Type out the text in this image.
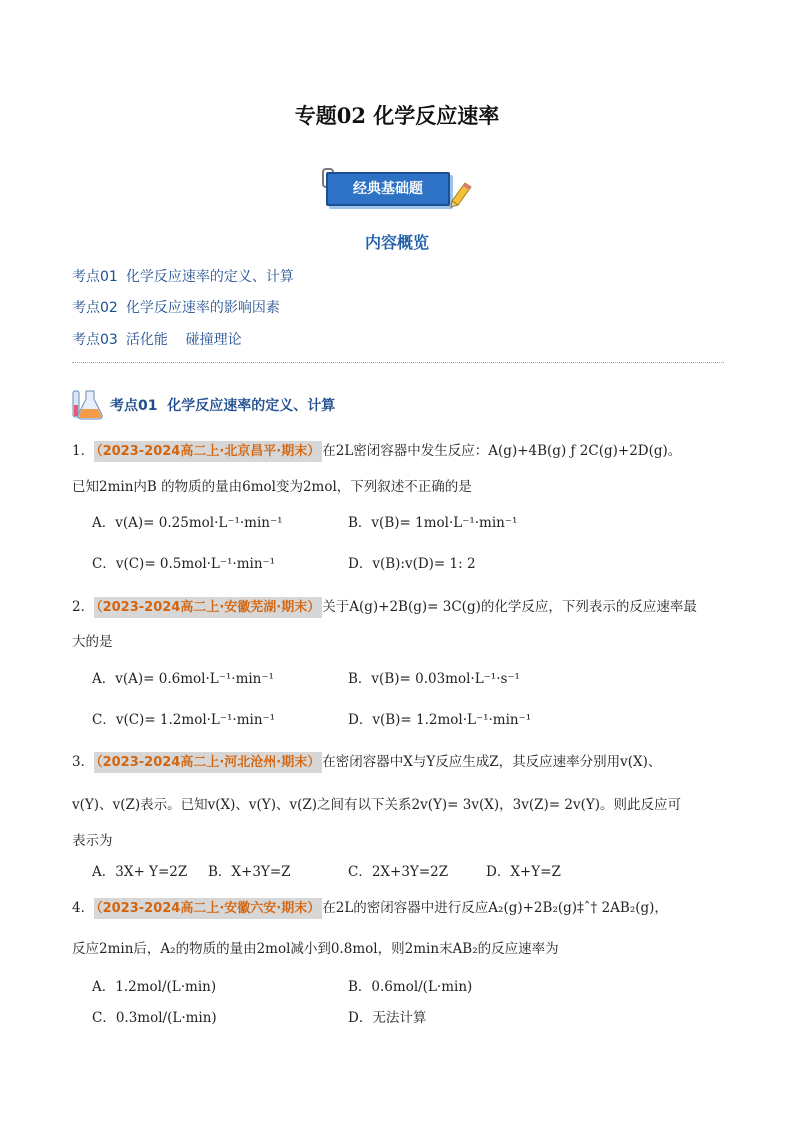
专题02 化学反应速率
经典基础题
内容概览
考点01 化学反应速率的定义、计算
考点02 化学反应速率的影响因素
考点03 活化能    碰撞理论
考点01 化学反应速率的定义、计算
1． （2023-2024高二上·北京昌平·期末） 在2L密闭容器中发生反应：A(g)+4B(g) ƒ 2C(g)+2D(g)。
已知2min内B 的物质的量由6mol变为2mol，下列叙述不正确的是
A．v(A)= 0.25mol·L⁻¹·min⁻¹	B．v(B)= 1mol·L⁻¹·min⁻¹
C．v(C)= 0.5mol·L⁻¹·min⁻¹	D．v(B):v(D)= 1: 2
2． （2023-2024高二上·安徽芜湖·期末） 关于A(g)+2B(g)= 3C(g)的化学反应，下列表示的反应速率最
大的是
A．v(A)= 0.6mol·L⁻¹·min⁻¹	B．v(B)= 0.03mol·L⁻¹·s⁻¹
C．v(C)= 1.2mol·L⁻¹·min⁻¹	D．v(B)= 1.2mol·L⁻¹·min⁻¹
3． （2023-2024高二上·河北沧州·期末） 在密闭容器中X与Y反应生成Z，其反应速率分别用v(X)、
v(Y)、v(Z)表示。已知v(X)、v(Y)、v(Z)之间有以下关系2v(Y)= 3v(X)，3v(Z)= 2v(Y)。则此反应可
表示为
A．3X+ Y=2Z B．X+3Y=Z	C．2X+3Y=2Z	D．X+Y=Z
4． （2023-2024高二上·安徽六安·期末） 在2L的密闭容器中进行反应A₂(g)+2B₂(g)‡ˆ† 2AB₂(g)，
反应2min后，A₂的物质的量由2mol减小到0.8mol，则2min末AB₂的反应速率为
A．1.2mol/(L·min)	B．0.6mol/(L·min)
C．0.3mol/(L·min)	D．无法计算
